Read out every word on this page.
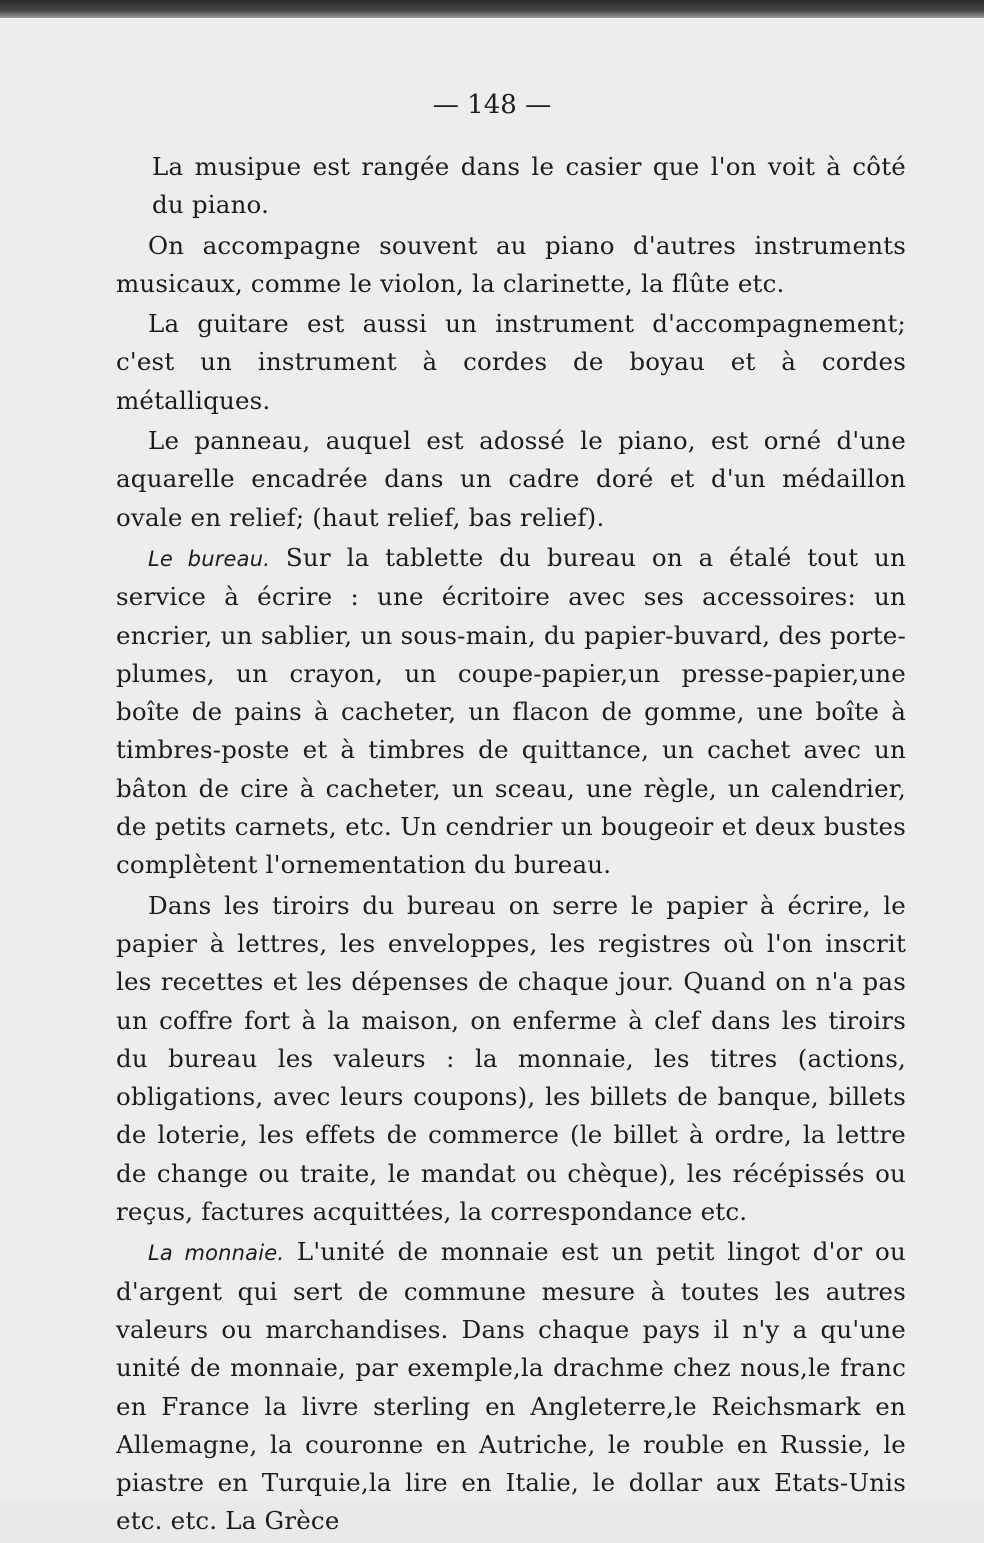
— 148 —

La musipue est rangée dans le casier que l'on voit à côté du piano.

On accompagne souvent au piano d'autres instruments musicaux, comme le violon, la clarinette, la flûte etc.

La guitare est aussi un instrument d'accompagnement; c'est un instrument à cordes de boyau et à cordes métalliques.

Le panneau, auquel est adossé le piano, est orné d'une aquarelle encadrée dans un cadre doré et d'un médaillon ovale en relief; (haut relief, bas relief).

Le bureau. Sur la tablette du bureau on a étalé tout un service à écrire : une écritoire avec ses accessoires: un encrier, un sablier, un sous-main, du papier-buvard, des porte-plumes, un crayon, un coupe-papier,un presse-papier,une boîte de pains à cacheter, un flacon de gomme, une boîte à timbres-poste et à timbres de quittance, un cachet avec un bâton de cire à cacheter, un sceau, une règle, un calendrier, de petits carnets, etc. Un cendrier un bougeoir et deux bustes complètent l'ornementation du bureau.

Dans les tiroirs du bureau on serre le papier à écrire, le papier à lettres, les enveloppes, les registres où l'on inscrit les recettes et les dépenses de chaque jour. Quand on n'a pas un coffre fort à la maison, on enferme à clef dans les tiroirs du bureau les valeurs : la monnaie, les titres (actions, obligations, avec leurs coupons), les billets de banque, billets de loterie, les effets de commerce (le billet à ordre, la lettre de change ou traite, le mandat ou chèque), les récépissés ou reçus, factures acquittées, la correspondance etc.

La monnaie. L'unité de monnaie est un petit lingot d'or ou d'argent qui sert de commune mesure à toutes les autres valeurs ou marchandises. Dans chaque pays il n'y a qu'une unité de monnaie, par exemple,la drachme chez nous,le franc en France la livre sterling en Angleterre,le Reichsmark en Allemagne, la couronne en Autriche, le rouble en Russie, le piastre en Turquie,la lire en Italie, le dollar aux Etats-Unis etc. etc. La Grèce
